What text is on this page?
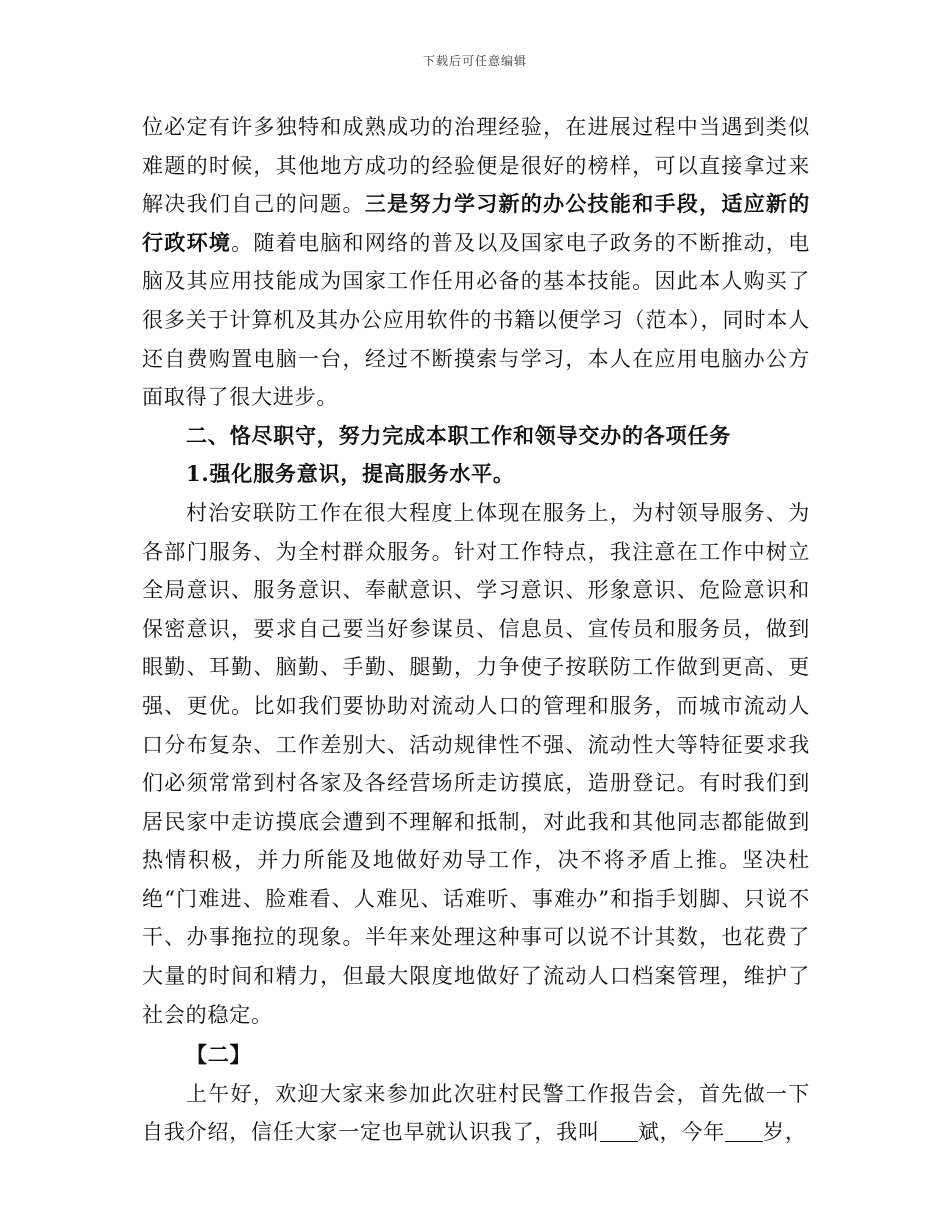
下载后可任意编辑

位必定有许多独特和成熟成功的治理经验，在进展过程中当遇到类似难题的时候，其他地方成功的经验便是很好的榜样，可以直接拿过来解决我们自己的问题。三是努力学习新的办公技能和手段，适应新的行政环境。随着电脑和网络的普及以及国家电子政务的不断推动，电脑及其应用技能成为国家工作任用必备的基本技能。因此本人购买了很多关于计算机及其办公应用软件的书籍以便学习（范本），同时本人还自费购置电脑一台，经过不断摸索与学习，本人在应用电脑办公方面取得了很大进步。

二、恪尽职守，努力完成本职工作和领导交办的各项任务

1.强化服务意识，提高服务水平。

村治安联防工作在很大程度上体现在服务上，为村领导服务、为各部门服务、为全村群众服务。针对工作特点，我注意在工作中树立全局意识、服务意识、奉献意识、学习意识、形象意识、危险意识和保密意识，要求自己要当好参谋员、信息员、宣传员和服务员，做到眼勤、耳勤、脑勤、手勤、腿勤，力争使子按联防工作做到更高、更强、更优。比如我们要协助对流动人口的管理和服务，而城市流动人口分布复杂、工作差别大、活动规律性不强、流动性大等特征要求我们必须常常到村各家及各经营场所走访摸底，造册登记。有时我们到居民家中走访摸底会遭到不理解和抵制，对此我和其他同志都能做到热情积极，并力所能及地做好劝导工作，决不将矛盾上推。坚决杜绝“门难进、脸难看、人难见、话难听、事难办”和指手划脚、只说不干、办事拖拉的现象。半年来处理这种事可以说不计其数，也花费了大量的时间和精力，但最大限度地做好了流动人口档案管理，维护了社会的稳定。

【二】

上午好，欢迎大家来参加此次驻村民警工作报告会，首先做一下自我介绍，信任大家一定也早就认识我了，我叫 斌，今年 岁，
